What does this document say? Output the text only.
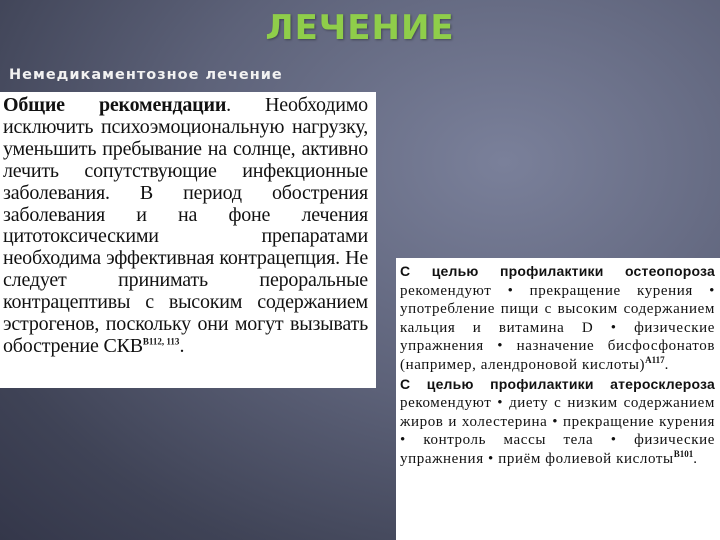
ЛЕЧЕНИЕ
Немедикаментозное лечение
Общие рекомендации. Необходимо исключить психоэмоциональную нагрузку, уменьшить пребывание на солнце, активно лечить сопутствующие инфекционные заболевания. В период обострения заболевания и на фоне лечения цитотоксическими препаратами необходима эффективная контрацепция. Не следует принимать пероральные контрацептивы с высоким содержанием эстрогенов, поскольку они могут вызывать обострение СКВ$^{B112, 113}$.
С целью профилактики остеопороза рекомендуют • прекращение курения • употребление пищи с высоким содержанием кальция и витамина D • физические упражнения • назначение бисфосфонатов (например, алендроновой кислоты)$^{A117}$.
С целью профилактики атеросклероза рекомендуют • диету с низким содержанием жиров и холестерина • прекращение курения • контроль массы тела • физические упражнения • приём фолиевой кислоты$^{B101}$.
